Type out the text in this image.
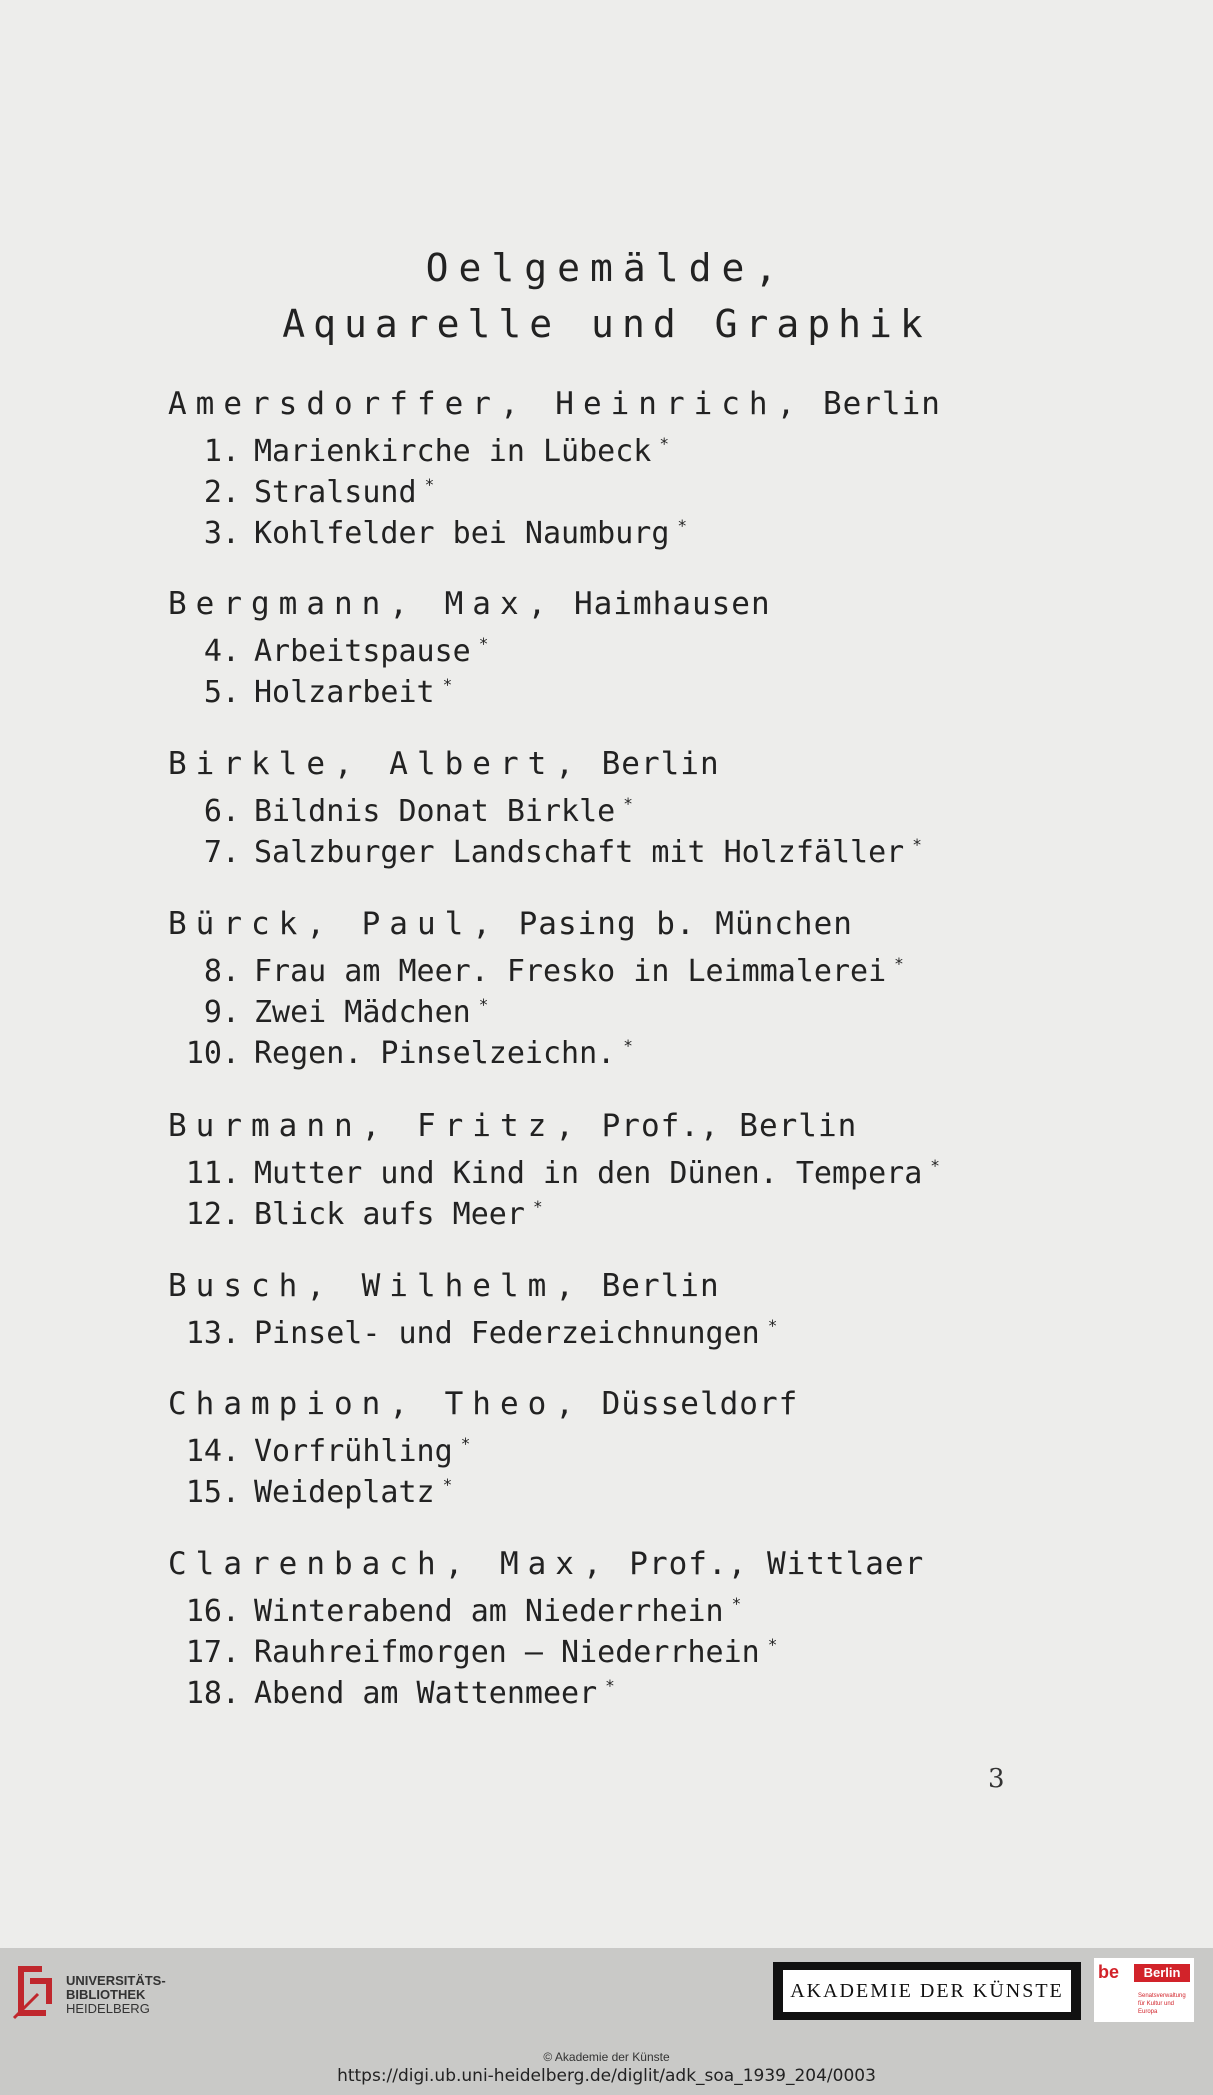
Oelgemälde,
Aquarelle und Graphik
Amersdorffer, Heinrich, Berlin
1. Marienkirche in Lübeck *
2. Stralsund *
3. Kohlfelder bei Naumburg *
Bergmann, Max, Haimhausen
4. Arbeitspause *
5. Holzarbeit *
Birkle, Albert, Berlin
6. Bildnis Donat Birkle *
7. Salzburger Landschaft mit Holzfäller *
Bürck, Paul, Pasing b. München
8. Frau am Meer. Fresko in Leimmalerei *
9. Zwei Mädchen *
10. Regen. Pinselzeichn. *
Burmann, Fritz, Prof., Berlin
11. Mutter und Kind in den Dünen. Tempera *
12. Blick aufs Meer *
Busch, Wilhelm, Berlin
13. Pinsel- und Federzeichnungen *
Champion, Theo, Düsseldorf
14. Vorfrühling *
15. Weideplatz *
Clarenbach, Max, Prof., Wittlaer
16. Winterabend am Niederrhein *
17. Rauhreifmorgen — Niederrhein *
18. Abend am Wattenmeer *
3
UNIVERSITÄTS-
BIBLIOTHEK
HEIDELBERG
AKADEMIE DER KÜNSTE
be	Berlin
Senatsverwaltung
für Kultur und Europa
© Akademie der Künste
https://digi.ub.uni-heidelberg.de/diglit/adk_soa_1939_204/0003
